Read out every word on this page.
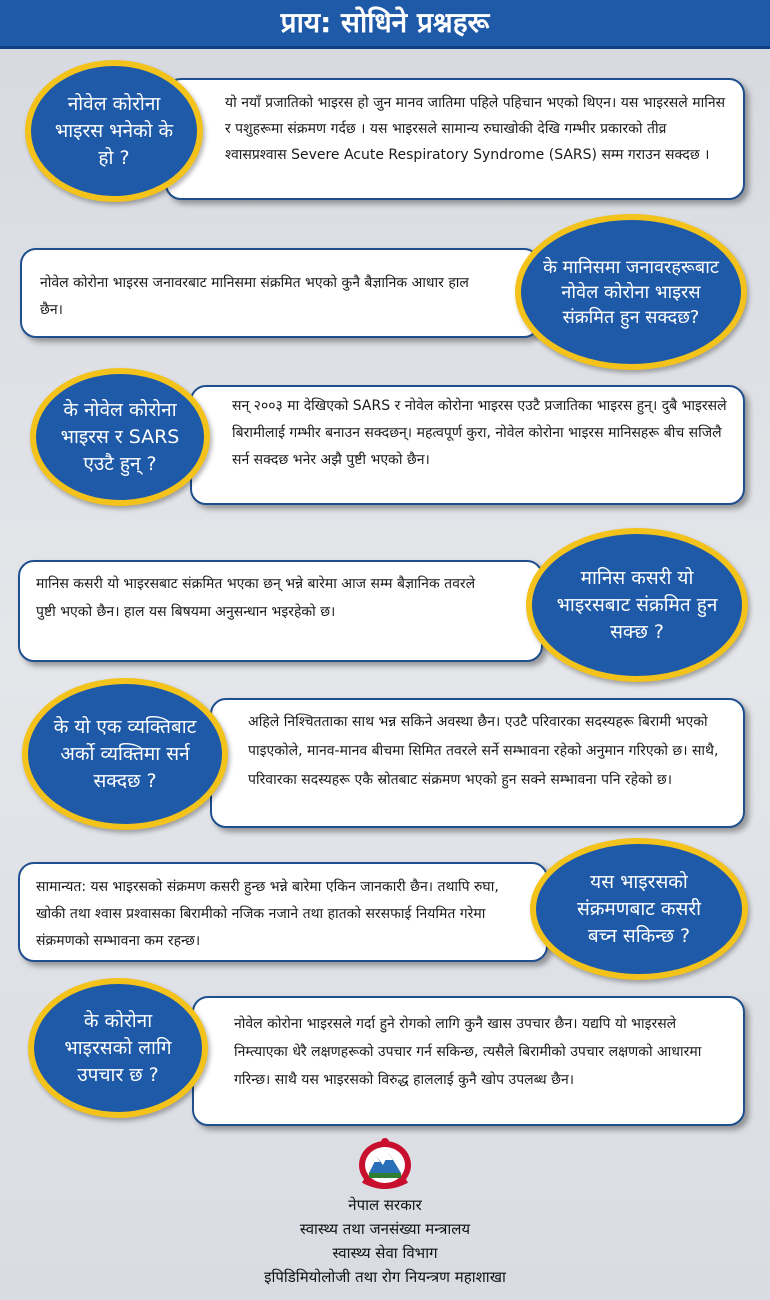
प्राय: सोधिने प्रश्नहरू

यो नयाँ प्रजातिको भाइरस हो जुन मानव जातिमा पहिले पहिचान भएको थिएन। यस भाइरसले मानिस र पशुहरूमा संक्रमण गर्दछ । यस भाइरसले सामान्य रुघाखोकी देखि गम्भीर प्रकारको तीव्र श्वासप्रश्वास Severe Acute Respiratory Syndrome (SARS) सम्म गराउन सक्दछ ।

नोवेल कोरोना भाइरस भनेको के हो ?

नोवेल कोरोना भाइरस जनावरबाट मानिसमा संक्रमित भएको कुनै बैज्ञानिक आधार हाल छैन।

के मानिसमा जनावरहरूबाट नोवेल कोरोना भाइरस संक्रमित हुन सक्दछ?

सन् २००३ मा देखिएको SARS र नोवेल कोरोना भाइरस एउटै प्रजातिका भाइरस हुन्। दुबै भाइरसले बिरामीलाई गम्भीर बनाउन सक्दछन्। महत्वपूर्ण कुरा, नोवेल कोरोना भाइरस मानिसहरू बीच सजिलै सर्न सक्दछ भनेर अझै पुष्टी भएको छैन।

के नोवेल कोरोना भाइरस र SARS एउटै हुन् ?

मानिस कसरी यो भाइरसबाट संक्रमित भएका छन् भन्ने बारेमा आज सम्म बैज्ञानिक तवरले पुष्टी भएको छैन। हाल यस बिषयमा अनुसन्धान भइरहेको छ।

मानिस कसरी यो भाइरसबाट संक्रमित हुन सक्छ ?

अहिले निश्चितताका साथ भन्न सकिने अवस्था छैन। एउटै परिवारका सदस्यहरू बिरामी भएको पाइएकोले, मानव-मानव बीचमा सिमित तवरले सर्ने सम्भावना रहेको अनुमान गरिएको छ। साथै, परिवारका सदस्यहरू एकै स्रोतबाट संक्रमण भएको हुन सक्ने सम्भावना पनि रहेको छ।

के यो एक व्यक्तिबाट अर्को व्यक्तिमा सर्न सक्दछ ?

सामान्यत: यस भाइरसको संक्रमण कसरी हुन्छ भन्ने बारेमा एकिन जानकारी छैन। तथापि रुघा, खोकी तथा श्वास प्रश्वासका बिरामीको नजिक नजाने तथा हातको सरसफाई नियमित गरेमा संक्रमणको सम्भावना कम रहन्छ।

यस भाइरसको संक्रमणबाट कसरी बच्न सकिन्छ ?

नोवेल कोरोना भाइरसले गर्दा हुने रोगको लागि कुनै खास उपचार छैन। यद्यपि यो भाइरसले निम्त्याएका धेरै लक्षणहरूको उपचार गर्न सकिन्छ, त्यसैले बिरामीको उपचार लक्षणको आधारमा गरिन्छ। साथै यस भाइरसको विरुद्ध हाललाई कुनै खोप उपलब्ध छैन।

के कोरोना भाइरसको लागि उपचार छ ?
नेपाल सरकार
स्वास्थ्य तथा जनसंख्या मन्त्रालय
स्वास्थ्य सेवा विभाग
इपिडिमियोलोजी तथा रोग नियन्त्रण महाशाखा
